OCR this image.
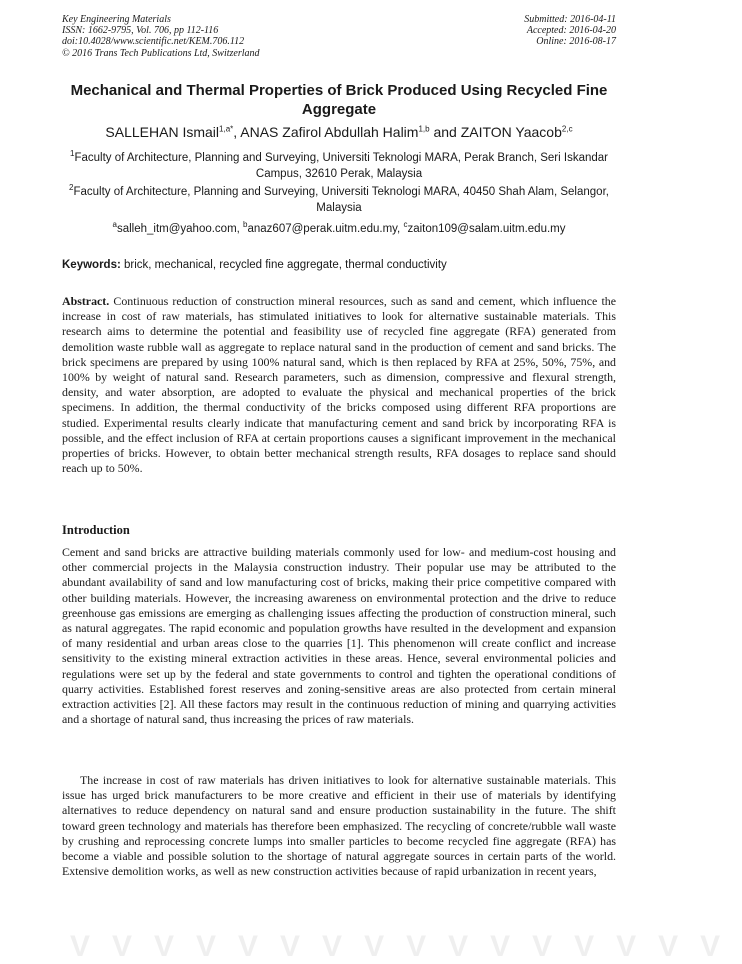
Key Engineering Materials
ISSN: 1662-9795, Vol. 706, pp 112-116
doi:10.4028/www.scientific.net/KEM.706.112
© 2016 Trans Tech Publications Ltd, Switzerland
Submitted: 2016-04-11
Accepted: 2016-04-20
Online: 2016-08-17
Mechanical and Thermal Properties of Brick Produced Using Recycled Fine Aggregate
SALLEHAN Ismail$^{1,a*}$, ANAS Zafirol Abdullah Halim$^{1,b}$ and ZAITON Yaacob$^{2,c}$
$^1$Faculty of Architecture, Planning and Surveying, Universiti Teknologi MARA, Perak Branch, Seri Iskandar Campus, 32610 Perak, Malaysia
$^2$Faculty of Architecture, Planning and Surveying, Universiti Teknologi MARA, 40450 Shah Alam, Selangor, Malaysia
$^a$salleh_itm@yahoo.com, $^b$anaz607@perak.uitm.edu.my, $^c$zaiton109@salam.uitm.edu.my
Keywords: brick, mechanical, recycled fine aggregate, thermal conductivity
Abstract. Continuous reduction of construction mineral resources, such as sand and cement, which influence the increase in cost of raw materials, has stimulated initiatives to look for alternative sustainable materials. This research aims to determine the potential and feasibility use of recycled fine aggregate (RFA) generated from demolition waste rubble wall as aggregate to replace natural sand in the production of cement and sand bricks. The brick specimens are prepared by using 100% natural sand, which is then replaced by RFA at 25%, 50%, 75%, and 100% by weight of natural sand. Research parameters, such as dimension, compressive and flexural strength, density, and water absorption, are adopted to evaluate the physical and mechanical properties of the brick specimens. In addition, the thermal conductivity of the bricks composed using different RFA proportions are studied. Experimental results clearly indicate that manufacturing cement and sand brick by incorporating RFA is possible, and the effect inclusion of RFA at certain proportions causes a significant improvement in the mechanical properties of bricks. However, to obtain better mechanical strength results, RFA dosages to replace sand should reach up to 50%.
Introduction
Cement and sand bricks are attractive building materials commonly used for low- and medium-cost housing and other commercial projects in the Malaysia construction industry. Their popular use may be attributed to the abundant availability of sand and low manufacturing cost of bricks, making their price competitive compared with other building materials. However, the increasing awareness on environmental protection and the drive to reduce greenhouse gas emissions are emerging as challenging issues affecting the production of construction mineral, such as natural aggregates. The rapid economic and population growths have resulted in the development and expansion of many residential and urban areas close to the quarries [1]. This phenomenon will create conflict and increase sensitivity to the existing mineral extraction activities in these areas. Hence, several environmental policies and regulations were set up by the federal and state governments to control and tighten the operational conditions of quarry activities. Established forest reserves and zoning-sensitive areas are also protected from certain mineral extraction activities [2]. All these factors may result in the continuous reduction of mining and quarrying activities and a shortage of natural sand, thus increasing the prices of raw materials.
The increase in cost of raw materials has driven initiatives to look for alternative sustainable materials. This issue has urged brick manufacturers to be more creative and efficient in their use of materials by identifying alternatives to reduce dependency on natural sand and ensure production sustainability in the future. The shift toward green technology and materials has therefore been emphasized. The recycling of concrete/rubble wall waste by crushing and reprocessing concrete lumps into smaller particles to become recycled fine aggregate (RFA) has become a viable and possible solution to the shortage of natural aggregate sources in certain parts of the world. Extensive demolition works, as well as new construction activities because of rapid urbanization in recent years,
VVVVVVVVVVVVVVVV
